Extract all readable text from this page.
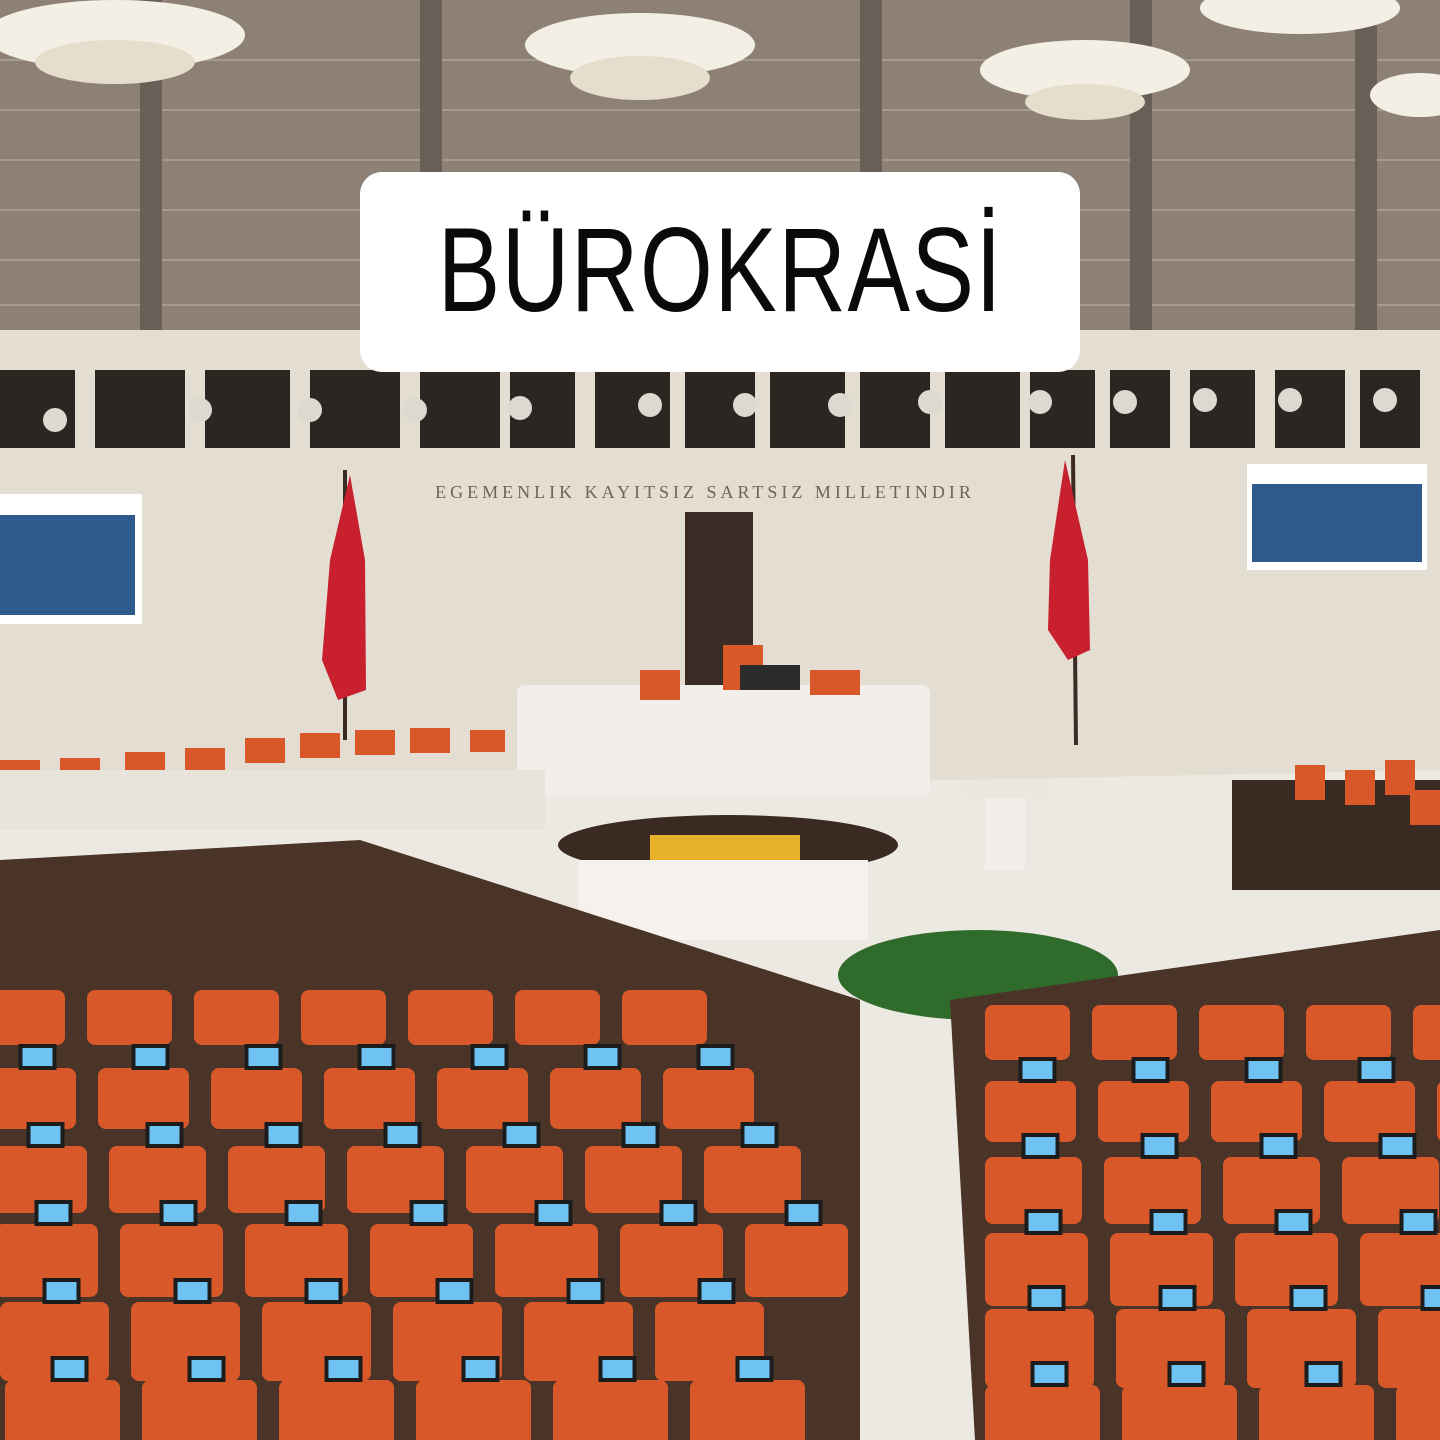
EGEMENLIK KAYITSIZ SARTSIZ MILLETINDIR
BÜROKRASİ
